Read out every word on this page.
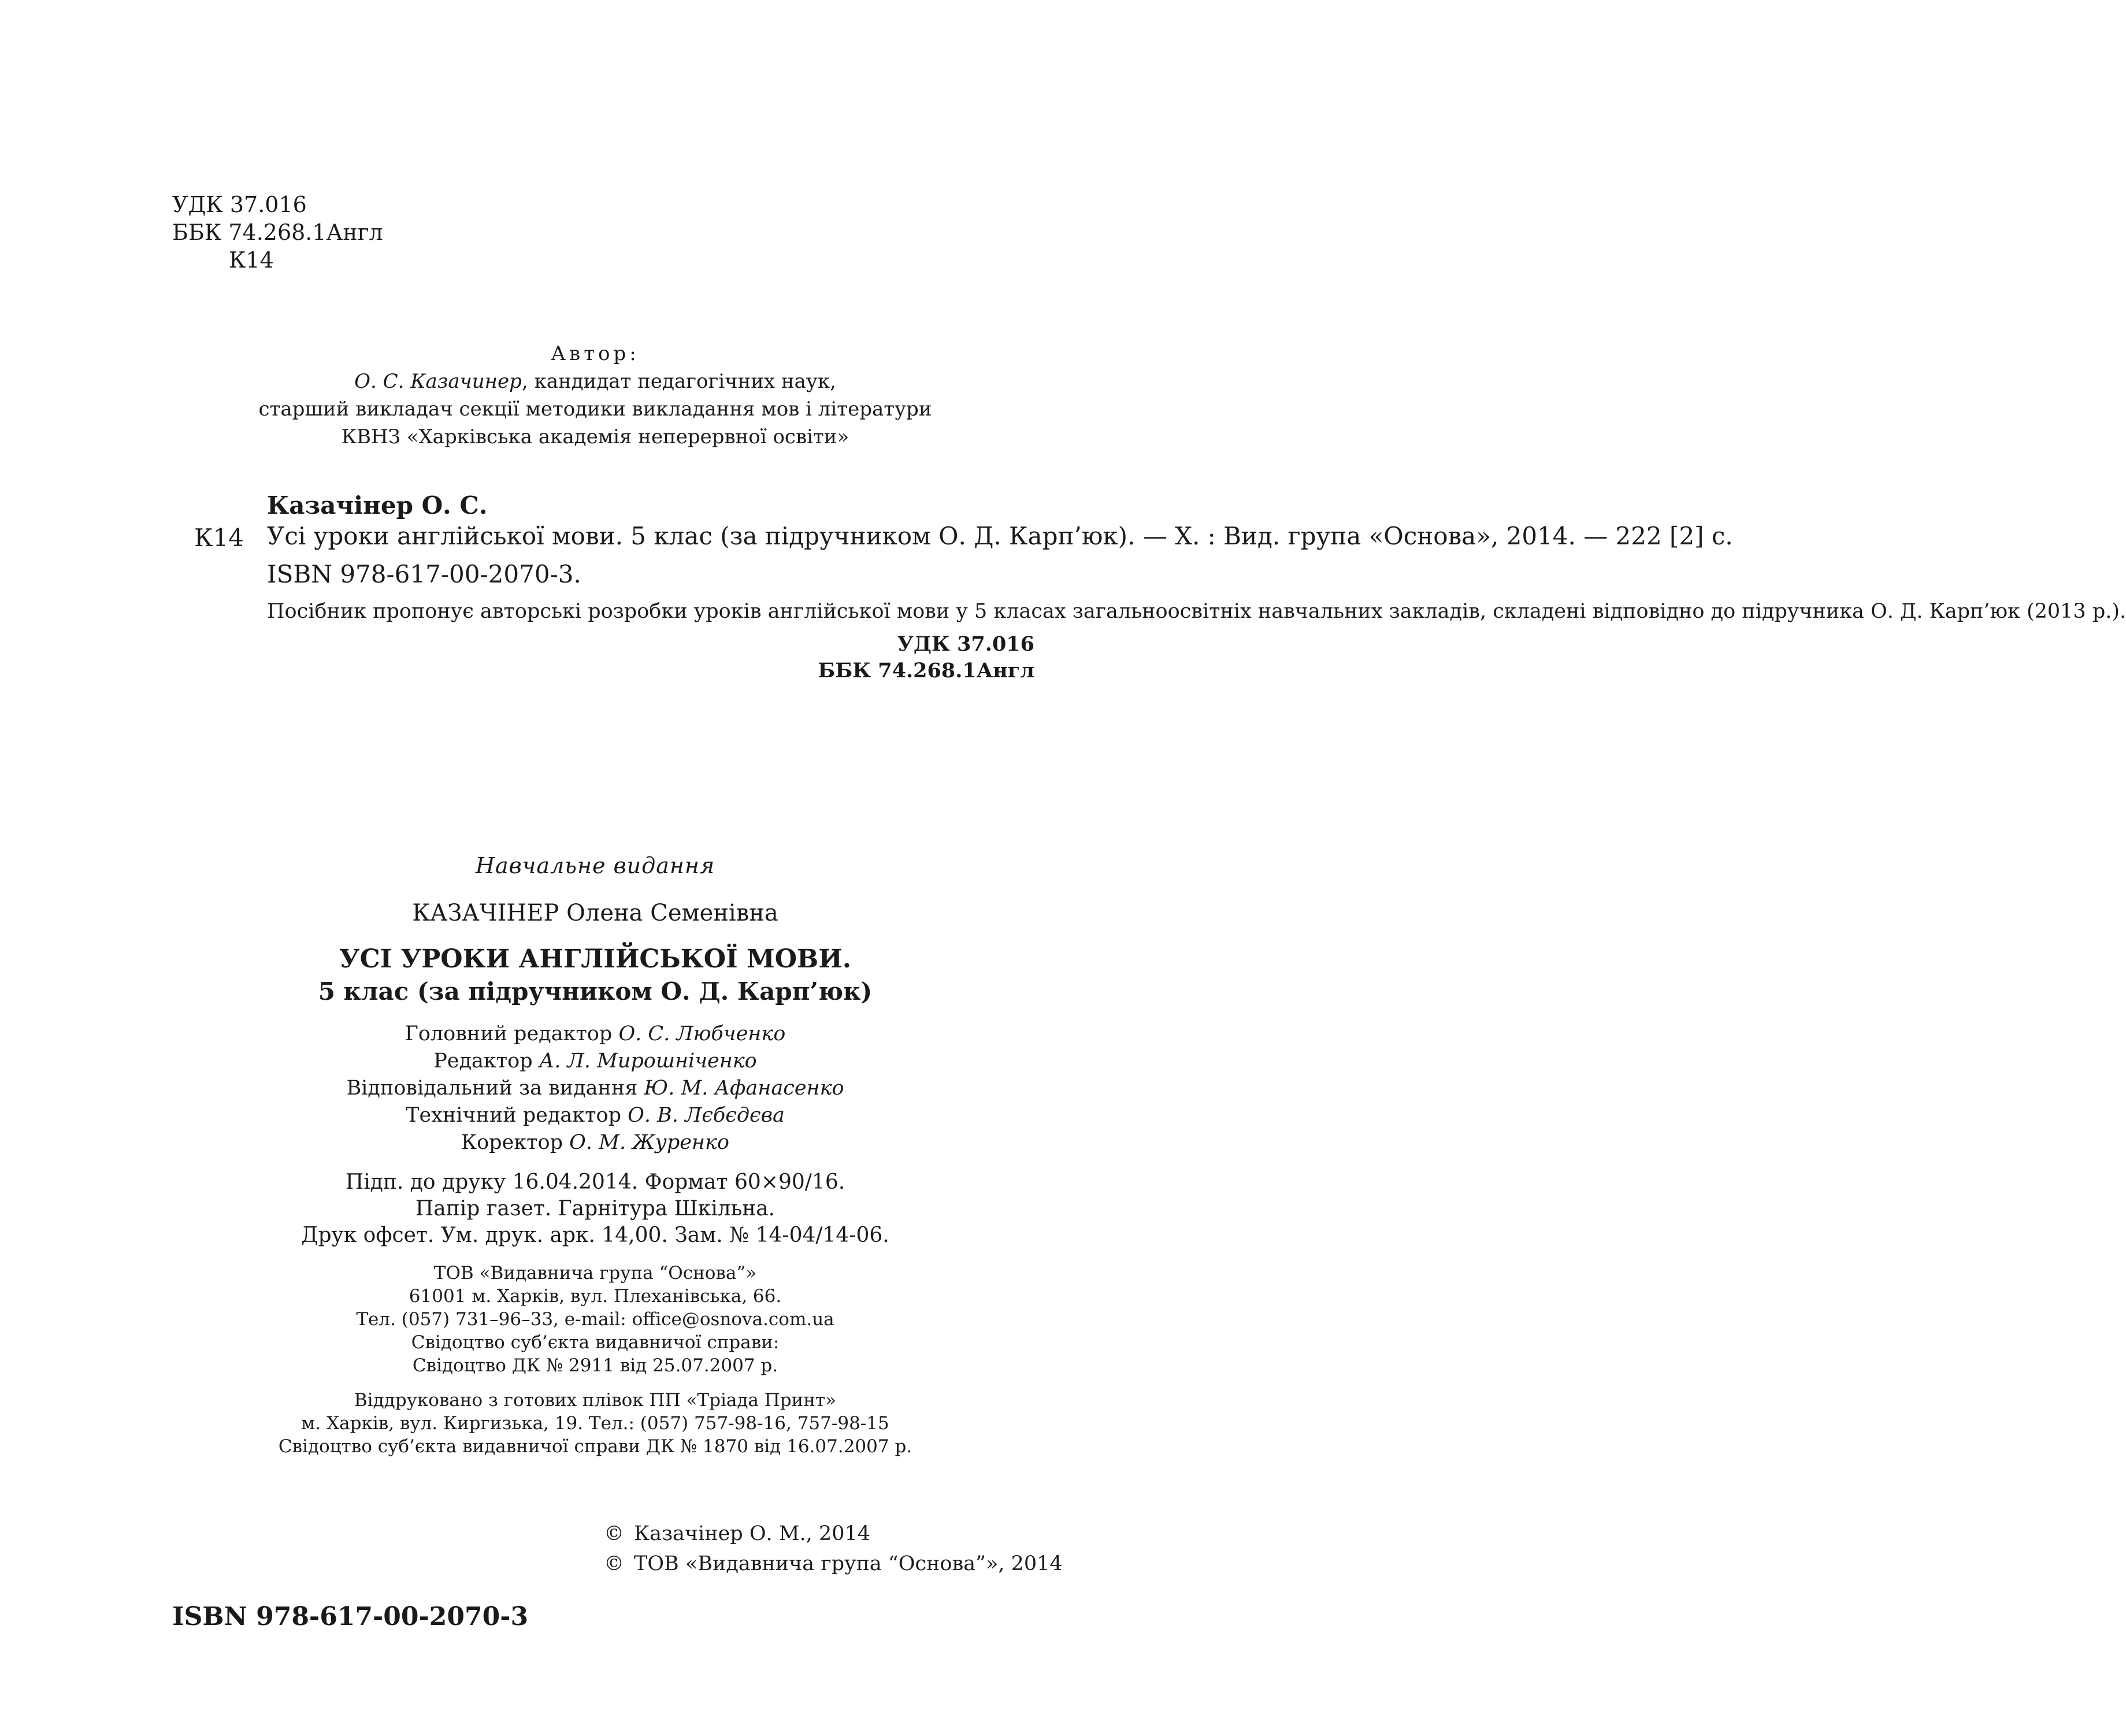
УДК 37.016
ББК 74.268.1Англ
К14
Автор:
О. С. Казачинер, кандидат педагогічних наук,
старший викладач секції методики викладання мов і літератури
КВНЗ «Харківська академія неперервної освіти»
К14
Казачінер О. С.
Усі уроки англійської мови. 5 клас (за підручником О. Д. Карп’юк). — Х. : Вид. група «Основа», 2014. — 222 [2] с.
ISBN 978-617-00-2070-3.
Посібник пропонує авторські розробки уроків англійської мови у 5 класах загальноосвітніх навчальних закладів, складені відповідно до підручника О. Д. Карп’юк (2013 р.).
УДК 37.016
ББК 74.268.1Англ
Навчальне видання
КАЗАЧІНЕР Олена Семенівна
УСІ УРОКИ АНГЛІЙСЬКОЇ МОВИ.
5 клас (за підручником О. Д. Карп’юк)
Головний редактор О. С. Любченко
Редактор А. Л. Мирошніченко
Відповідальний за видання Ю. М. Афанасенко
Технічний редактор О. В. Лєбєдєва
Коректор О. М. Журенко
Підп. до друку 16.04.2014. Формат 60×90/16.
Папір газет. Гарнітура Шкільна.
Друк офсет. Ум. друк. арк. 14,00. Зам. № 14-04/14-06.
ТОВ «Видавнича група “Основа”»
61001 м. Харків, вул. Плеханівська, 66.
Тел. (057) 731–96–33, e-mail: office@osnova.com.ua
Свідоцтво суб’єкта видавничої справи:
Свідоцтво ДК № 2911 від 25.07.2007 р.
Віддруковано з готових плівок ПП «Тріада Принт»
м. Харків, вул. Киргизька, 19. Тел.: (057) 757-98-16, 757-98-15
Свідоцтво суб’єкта видавничої справи ДК № 1870 від 16.07.2007 р.
© Казачінер О. М., 2014
© ТОВ «Видавнича група “Основа”», 2014
ISBN 978-617-00-2070-3
